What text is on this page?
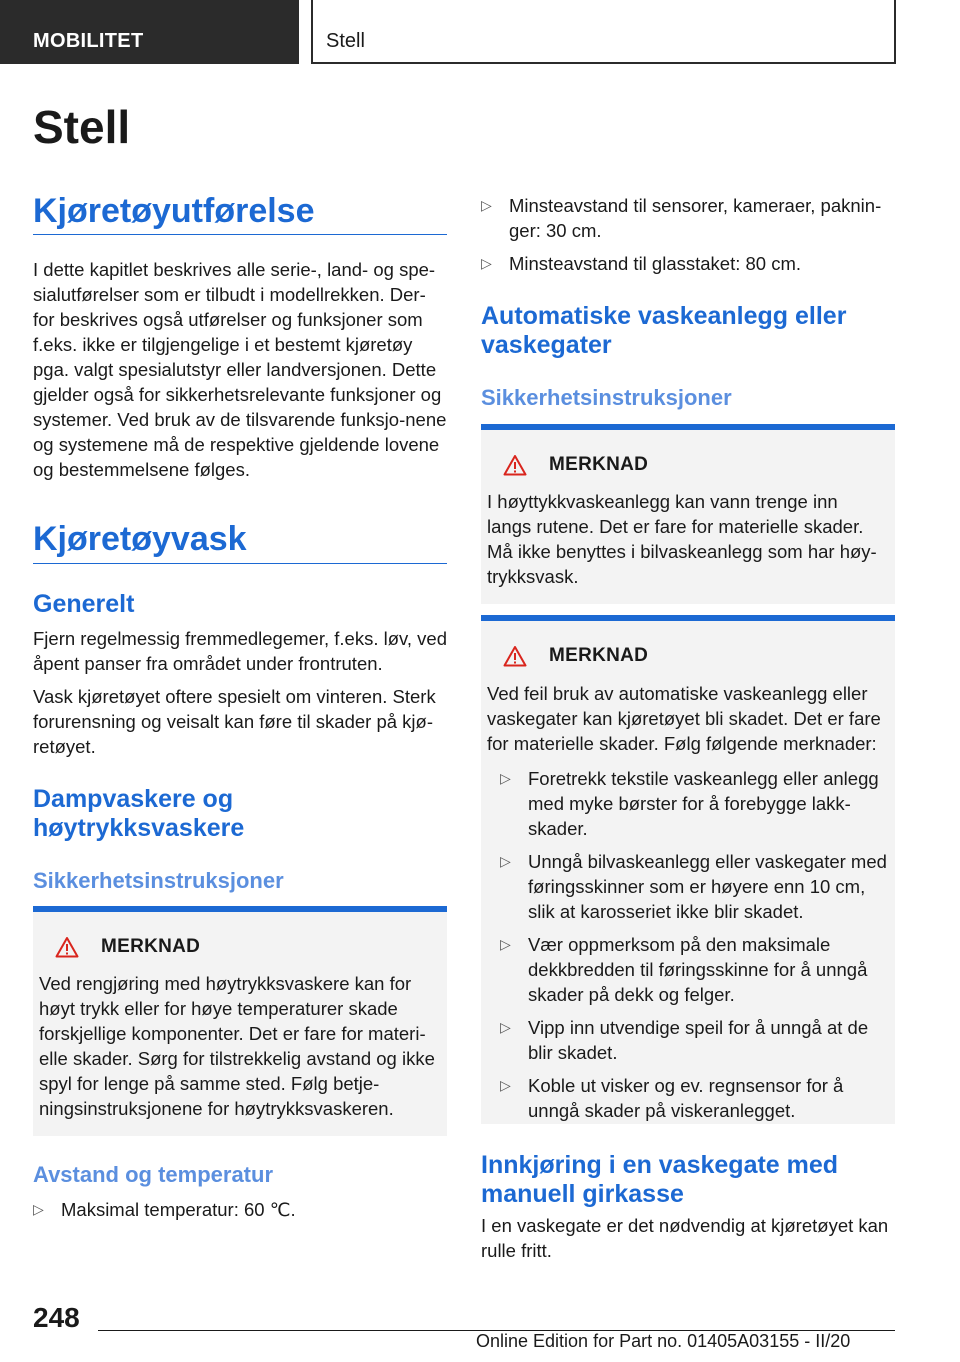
MOBILITET	Stell
Stell
Kjøretøyutførelse
I dette kapitlet beskrives alle serie-, land- og spe-sialutførelser som er tilbudt i modellrekken. Der-for beskrives også utførelser og funksjoner som f.eks. ikke er tilgjengelige i et bestemt kjøretøy pga. valgt spesialutstyr eller landversjonen. Dette gjelder også for sikkerhetsrelevante funksjoner og systemer. Ved bruk av de tilsvarende funksjo-nene og systemene må de respektive gjeldende lovene og bestemmelsene følges.
Kjøretøyvask
Generelt
Fjern regelmessig fremmedlegemer, f.eks. løv, ved åpent panser fra området under frontruten.
Vask kjøretøyet oftere spesielt om vinteren. Sterk forurensning og veisalt kan føre til skader på kjø-retøyet.
Dampvaskere og høytrykksvaskere
Sikkerhetsinstruksjoner
MERKNAD
Ved rengjøring med høytrykksvaskere kan for høyt trykk eller for høye temperaturer skade forskjellige komponenter. Det er fare for materi-elle skader. Sørg for tilstrekkelig avstand og ikke spyl for lenge på samme sted. Følg betje-ningsinstruksjonene for høytrykksvaskeren.
Avstand og temperatur
▷ Maksimal temperatur: 60 ℃.
▷ Minsteavstand til sensorer, kameraer, paknin-ger: 30 cm.
▷ Minsteavstand til glasstaket: 80 cm.
Automatiske vaskeanlegg eller vaskegater
Sikkerhetsinstruksjoner
MERKNAD
I høyttykkvaskeanlegg kan vann trenge inn langs rutene. Det er fare for materielle skader. Må ikke benyttes i bilvaskeanlegg som har høy-trykksvask.
MERKNAD
Ved feil bruk av automatiske vaskeanlegg eller vaskegater kan kjøretøyet bli skadet. Det er fare for materielle skader. Følg følgende merknader:
▷ Foretrekk tekstile vaskeanlegg eller anlegg med myke børster for å forebygge lakk-skader.
▷ Unngå bilvaskeanlegg eller vaskegater med føringsskinner som er høyere enn 10 cm, slik at karosseriet ikke blir skadet.
▷ Vær oppmerksom på den maksimale dekkbredden til føringsskinne for å unngå skader på dekk og felger.
▷ Vipp inn utvendige speil for å unngå at de blir skadet.
▷ Koble ut visker og ev. regnsensor for å unngå skader på viskeranlegget.
Innkjøring i en vaskegate med manuell girkasse
I en vaskegate er det nødvendig at kjøretøyet kan rulle fritt.
248
Online Edition for Part no. 01405A03155 - II/20
